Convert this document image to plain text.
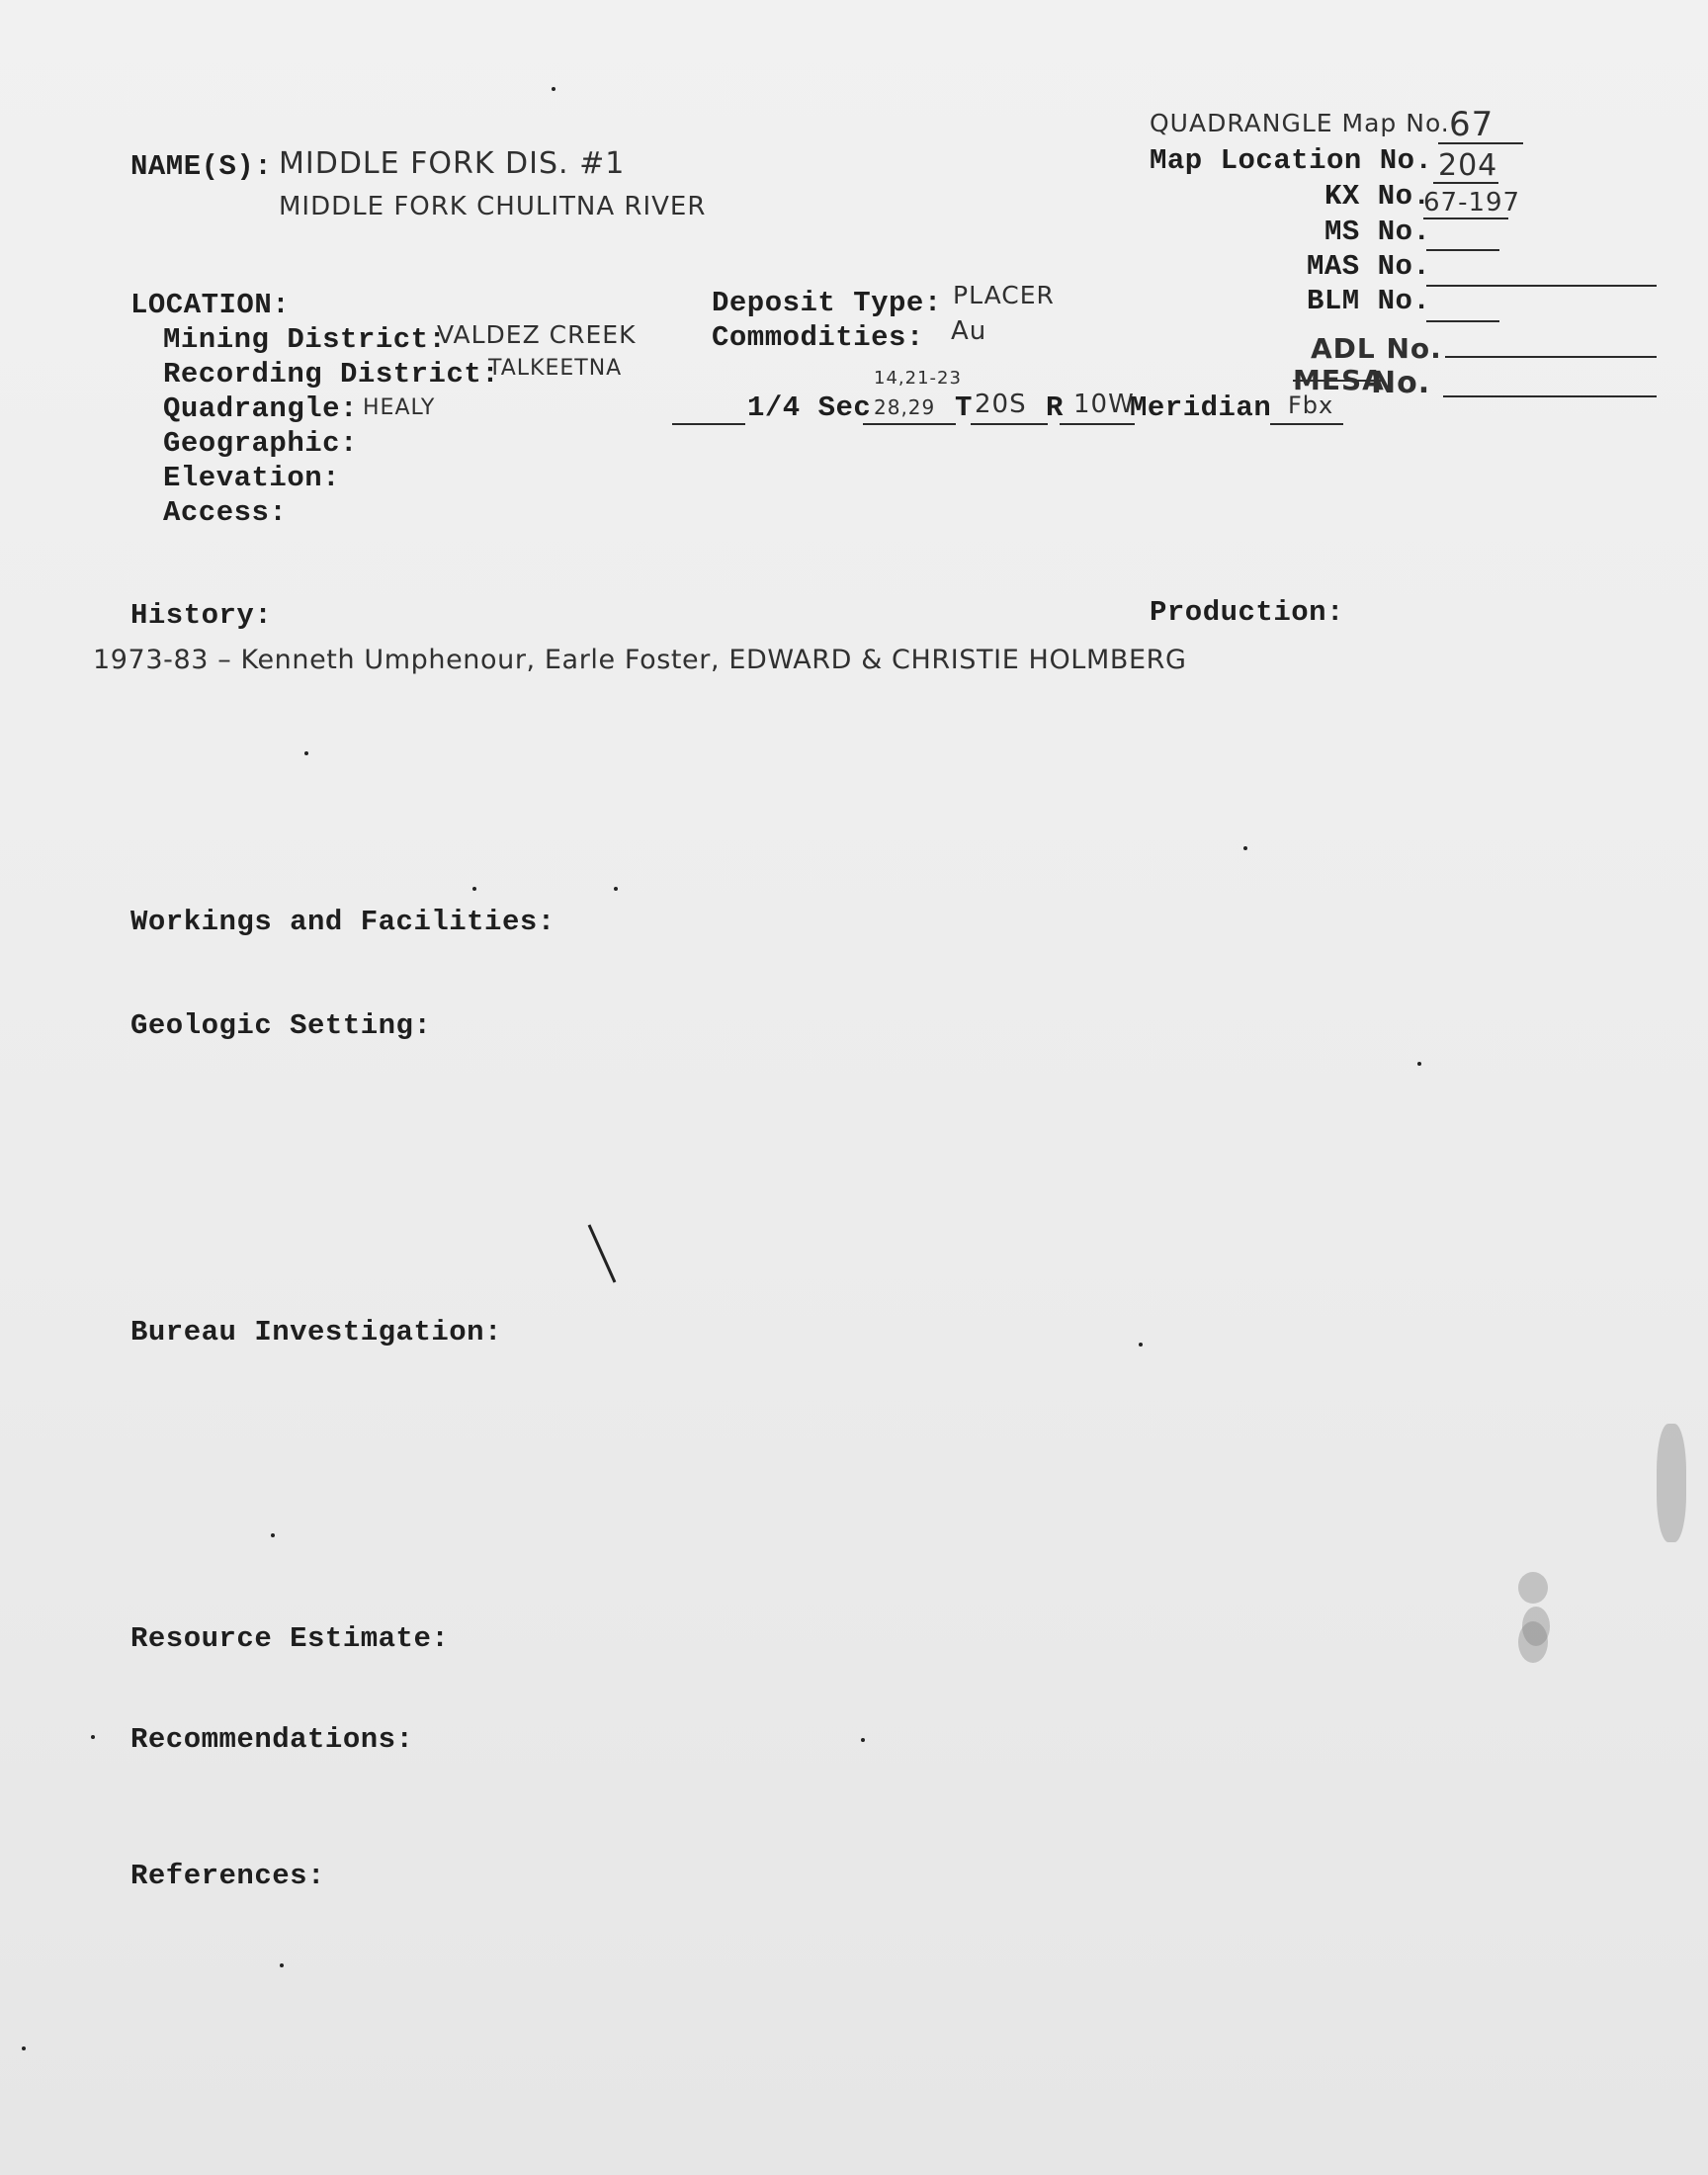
QUADRANGLE Map No. 67
Map Location No. 204
KX No.
67-197
MS No.
MAS No.
BLM No.
ADL No.
MESA
No.
NAME(S): MIDDLE FORK DIS. #1
MIDDLE FORK CHULITNA RIVER
LOCATION:
Mining District:
VALDEZ CREEK
Recording District:
TALKEETNA
Quadrangle: HEALY
Geographic:
Elevation:
Access:
Deposit Type: PLACER
Commodities: Au
1/4 Sec
14,21-23
28,29 T 20S R 10W
Meridian Fbx
History:	Production:
1973-83 – Kenneth Umphenour, Earle Foster, EDWARD & CHRISTIE HOLMBERG
Workings and Facilities:
Geologic Setting:
Bureau Investigation:
Resource Estimate:
Recommendations:
References:
